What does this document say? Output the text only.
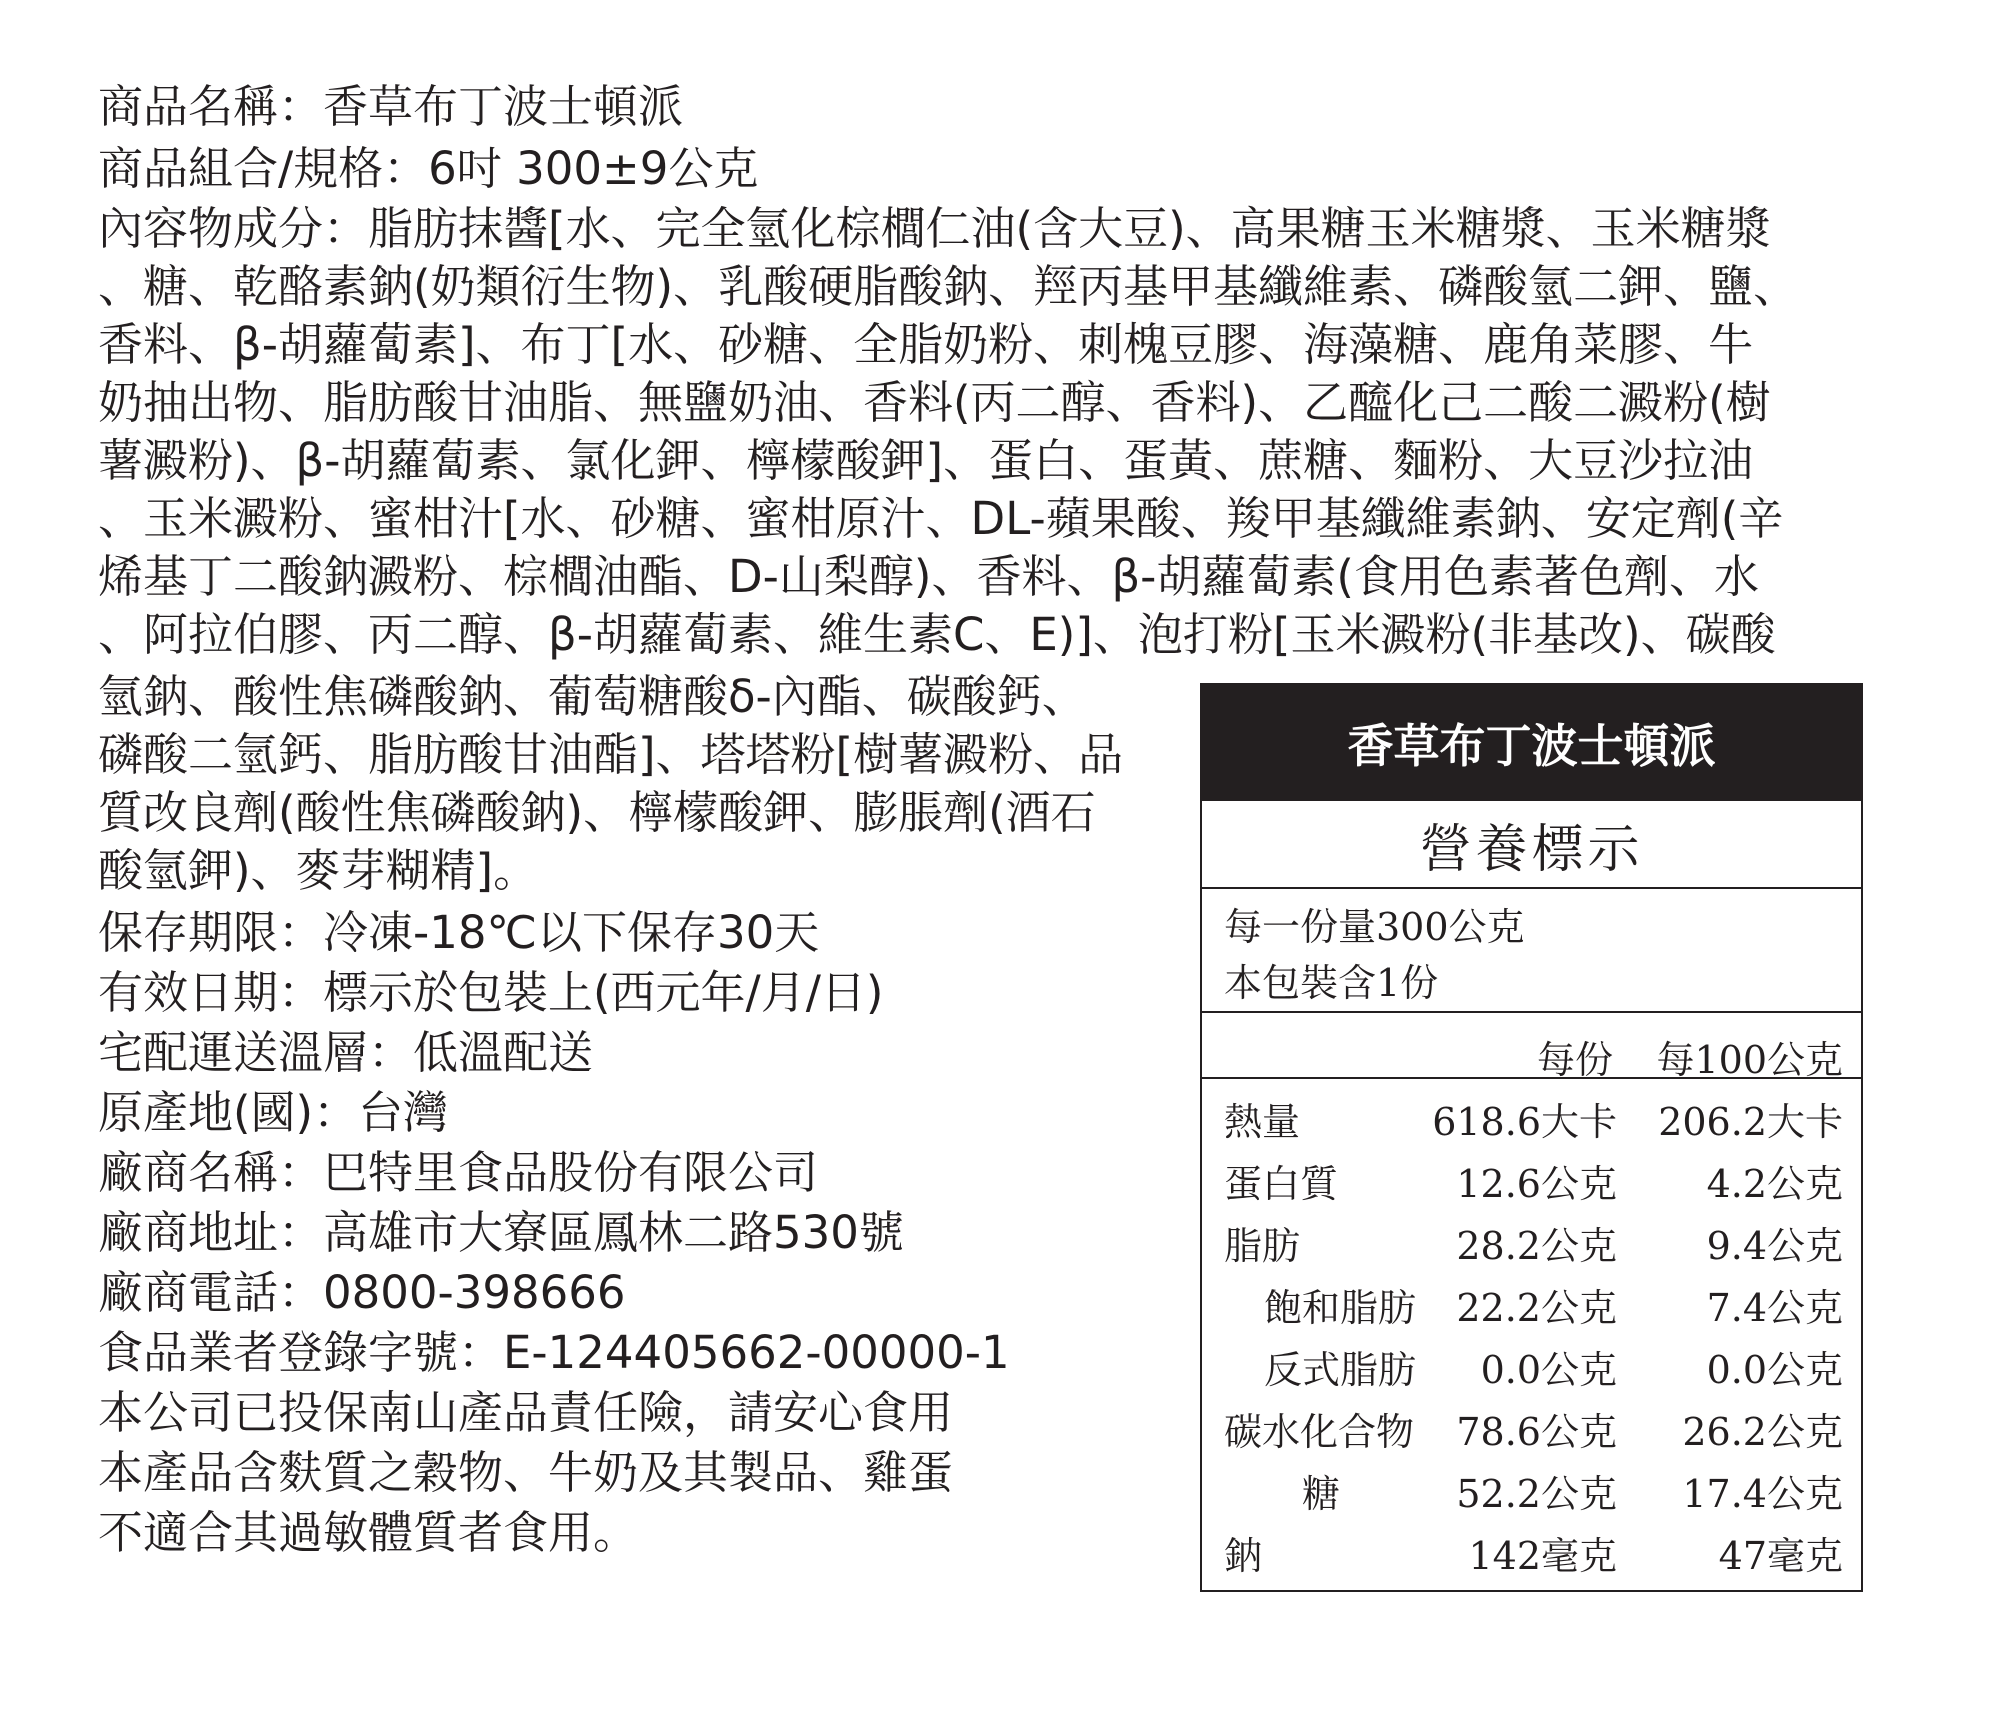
商品名稱：香草布丁波士頓派
商品組合/規格：6吋 300±9公克
內容物成分：脂肪抹醬[水、完全氫化棕櫚仁油(含大豆)、高果糖玉米糖漿、玉米糖漿
、糖、乾酪素鈉(奶類衍生物)、乳酸硬脂酸鈉、羥丙基甲基纖維素、磷酸氫二鉀、鹽、
香料、β-胡蘿蔔素]、布丁[水、砂糖、全脂奶粉、刺槐豆膠、海藻糖、鹿角菜膠、牛
奶抽出物、脂肪酸甘油脂、無鹽奶油、香料(丙二醇、香料)、乙醯化己二酸二澱粉(樹
薯澱粉)、β-胡蘿蔔素、氯化鉀、檸檬酸鉀]、蛋白、蛋黃、蔗糖、麵粉、大豆沙拉油
、玉米澱粉、蜜柑汁[水、砂糖、蜜柑原汁、DL-蘋果酸、羧甲基纖維素鈉、安定劑(辛
烯基丁二酸鈉澱粉、棕櫚油酯、D-山梨醇)、香料、β-胡蘿蔔素(食用色素著色劑、水
、阿拉伯膠、丙二醇、β-胡蘿蔔素、維生素C、E)]、泡打粉[玉米澱粉(非基改)、碳酸
氫鈉、酸性焦磷酸鈉、葡萄糖酸δ-內酯、碳酸鈣、
磷酸二氫鈣、脂肪酸甘油酯]、塔塔粉[樹薯澱粉、品
質改良劑(酸性焦磷酸鈉)、檸檬酸鉀、膨脹劑(酒石
酸氫鉀)、麥芽糊精]。
保存期限：冷凍-18℃以下保存30天
有效日期：標示於包裝上(西元年/月/日)
宅配運送溫層：低溫配送
原產地(國)：台灣
廠商名稱：巴特里食品股份有限公司
廠商地址：高雄市大寮區鳳林二路530號
廠商電話：0800-398666
食品業者登錄字號：E-124405662-00000-1
本公司已投保南山產品責任險，請安心食用
本產品含麩質之穀物、牛奶及其製品、雞蛋
不適合其過敏體質者食用。
香草布丁波士頓派
營養標示
每一份量300公克
本包裝含1份
每份 每100公克
熱量	618.6大卡 206.2大卡
蛋白質	12.6公克 4.2公克
脂肪	28.2公克 9.4公克
飽和脂肪 22.2公克 7.4公克
反式脂肪 0.0公克 0.0公克
碳水化合物 78.6公克 26.2公克
糖	52.2公克 17.4公克
鈉	142毫克	47毫克
